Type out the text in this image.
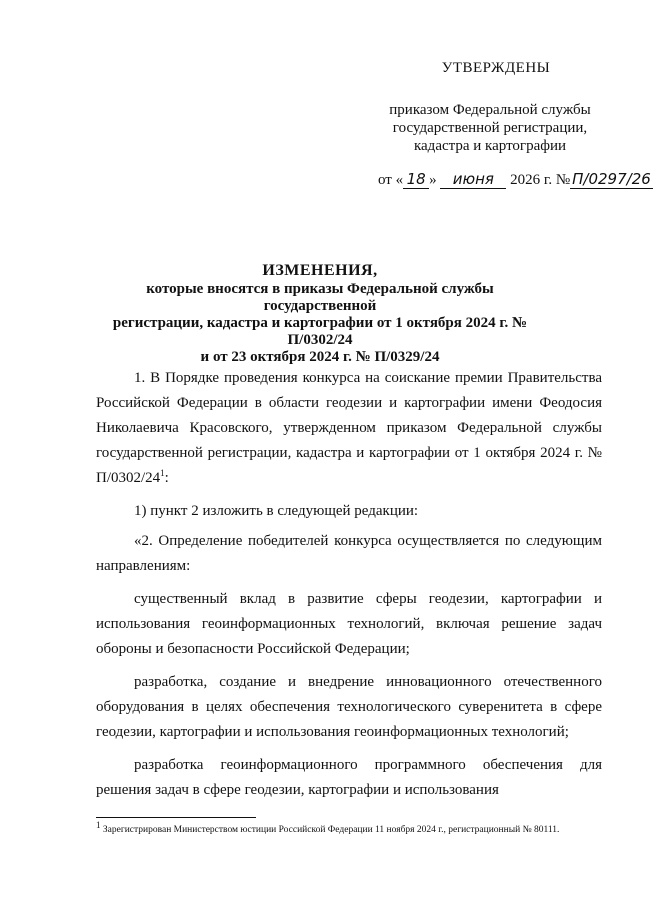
УТВЕРЖДЕНЫ
приказом Федеральной службы
государственной регистрации,
кадастра и картографии
от « 18 » июня 2026 г. № П/0297/26
ИЗМЕНЕНИЯ,
которые вносятся в приказы Федеральной службы государственной
регистрации, кадастра и картографии от 1 октября 2024 г. № П/0302/24
и от 23 октября 2024 г. № П/0329/24

1. В Порядке проведения конкурса на соискание премии Правительства Российской Федерации в области геодезии и картографии имени Феодосия Николаевича Красовского, утвержденном приказом Федеральной службы государственной регистрации, кадастра и картографии от 1 октября 2024 г. № $П/0302/24^1$:

1) пункт 2 изложить в следующей редакции:

«2. Определение победителей конкурса осуществляется по следующим направлениям:

существенный вклад в развитие сферы геодезии, картографии и использования геоинформационных технологий, включая решение задач обороны и безопасности Российской Федерации;

разработка, создание и внедрение инновационного отечественного оборудования в целях обеспечения технологического суверенитета в сфере геодезии, картографии и использования геоинформационных технологий;

разработка геоинформационного программного обеспечения для решения задач в сфере геодезии, картографии и использования

$^1$ Зарегистрирован Министерством юстиции Российской Федерации 11 ноября 2024 г., регистрационный № 80111.
